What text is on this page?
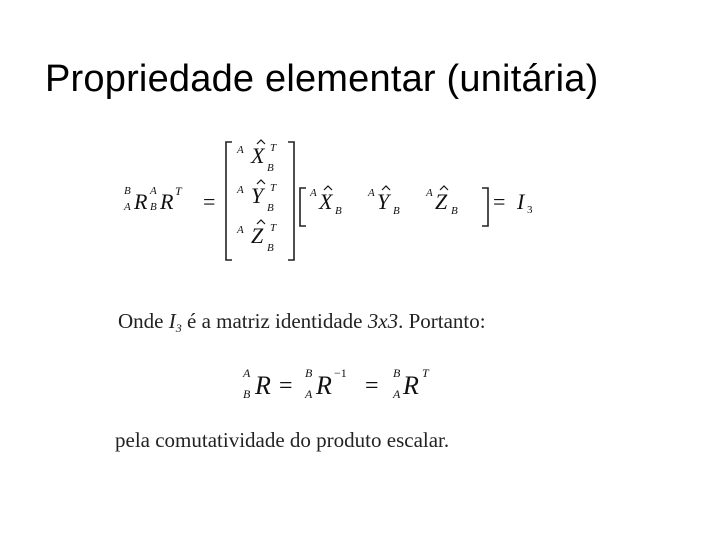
Propriedade elementar (unitária)
B
A R A
B R T =
A X B
T
A Y B
T
A Z B
T
A X B
A Y B
A Z B = I 3
Onde $I_3$ é a matriz identidade 3x3. Portanto:
A
B R = B
A R −1 = B
A R T
pela comutatividade do produto escalar.
